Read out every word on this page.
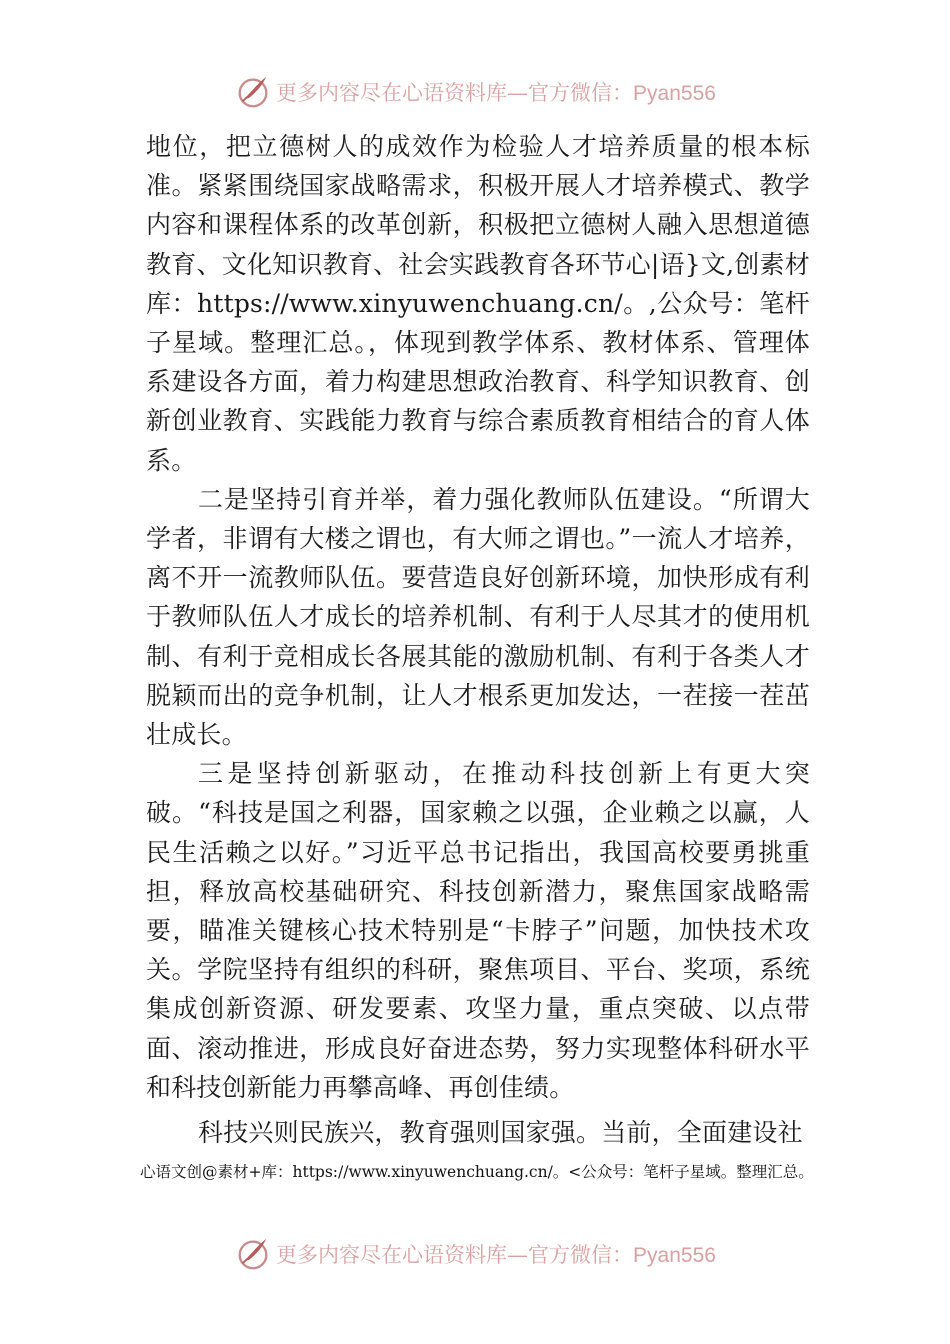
更多内容尽在心语资料库—官方微信：Pyan556

地位，把立德树人的成效作为检验人才培养质量的根本标准。紧紧围绕国家战略需求，积极开展人才培养模式、教学内容和课程体系的改革创新，积极把立德树人融入思想道德教育、文化知识教育、社会实践教育各环节心|语}文,创素材库：https://www.xinyuwenchuang.cn/。,公众号：笔杆子星域。整理汇总。，体现到教学体系、教材体系、管理体系建设各方面，着力构建思想政治教育、科学知识教育、创新创业教育、实践能力教育与综合素质教育相结合的育人体系。

二是坚持引育并举，着力强化教师队伍建设。“所谓大学者，非谓有大楼之谓也，有大师之谓也。”一流人才培养，离不开一流教师队伍。要营造良好创新环境，加快形成有利于教师队伍人才成长的培养机制、有利于人尽其才的使用机制、有利于竞相成长各展其能的激励机制、有利于各类人才脱颖而出的竞争机制，让人才根系更加发达，一茬接一茬茁壮成长。

三是坚持创新驱动，在推动科技创新上有更大突破。“科技是国之利器，国家赖之以强，企业赖之以赢，人民生活赖之以好。”习近平总书记指出，我国高校要勇挑重担，释放高校基础研究、科技创新潜力，聚焦国家战略需要，瞄准关键核心技术特别是“卡脖子”问题，加快技术攻关。学院坚持有组织的科研，聚焦项目、平台、奖项，系统集成创新资源、研发要素、攻坚力量，重点突破、以点带面、滚动推进，形成良好奋进态势，努力实现整体科研水平和科技创新能力再攀高峰、再创佳绩。

科技兴则民族兴，教育强则国家强。当前，全面建设社

心语文创@素材+库：https://www.xinyuwenchuang.cn/。<公众号：笔杆子星域。整理汇总。
更多内容尽在心语资料库—官方微信：Pyan556
